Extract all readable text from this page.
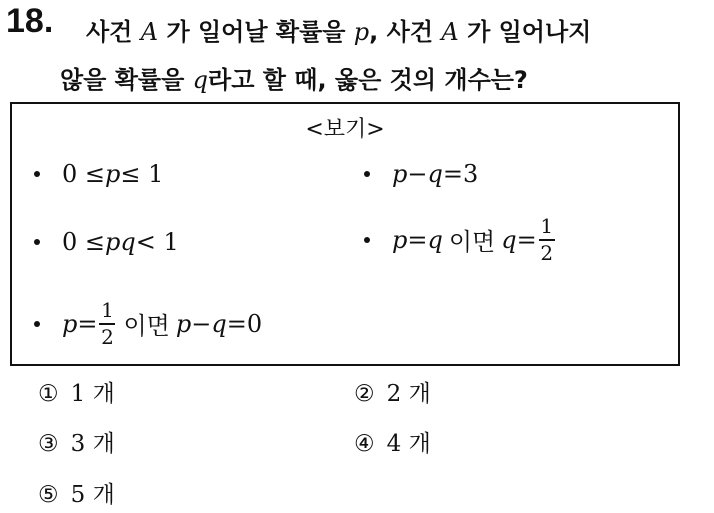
18. 사건 A 가 일어날 확률을 p, 사건 A 가 일어나지
않을 확률을 q라고 할 때, 옳은 것의 개수는?
<보기>
0 ≤ p ≤ 1	p − q =3
0 ≤ pq < 1	p = q 이면 $q = \frac{1}{2}$
$p = \frac{1}{2}$ 이면 p − q =0
① 1 개	② 2 개
③ 3 개	④ 4 개
⑤ 5 개
